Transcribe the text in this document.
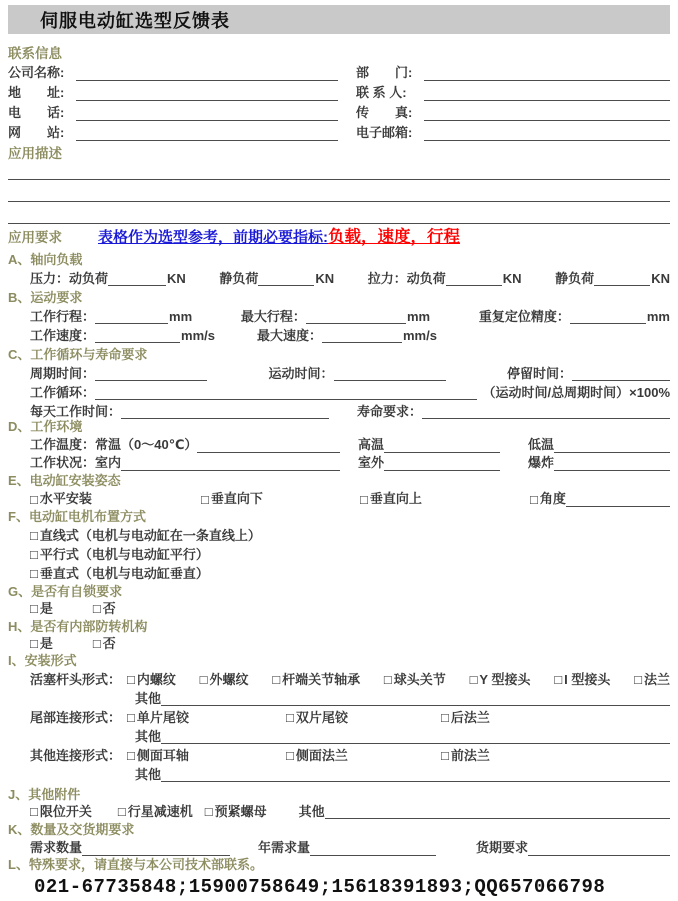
伺服电动缸选型反馈表
联系信息
公司名称:	部　　门:
地　　址:	联 系 人:
电　　话:	传　　真:
网　　站:	电子邮箱:
应用描述
应用要求 表格作为选型参考，前期必要指标: 负载，速度，行程
A、轴向负载
压力：动负荷	KN	静负荷	KN	拉力：动负荷	KN	静负荷	KN
B、运动要求
工作行程：	mm	最大行程：	mm	重复定位精度：	mm
工作速度：	mm/s	最大速度：	mm/s
C、工作循环与寿命要求
周期时间：	运动时间：	停留时间：
工作循环：	（运动时间/总周期时间）×100%
每天工作时间：	寿命要求：
D、工作环境
工作温度：常温（0～40℃）	高温	低温
工作状况：室内	室外	爆炸
E、电动缸安装姿态
□ 水平安装	□ 垂直向下	□ 垂直向上	□ 角度
F、电动缸电机布置方式
□ 直线式（电机与电动缸在一条直线上）
□ 平行式（电机与电动缸平行）
□ 垂直式（电机与电动缸垂直）
G、是否有自锁要求
□ 是	□ 否
H、是否有内部防转机构
□ 是	□ 否
I、安装形式
活塞杆头形式： □ 内螺纹 □ 外螺纹 □ 杆端关节轴承 □ 球头关节 □ Y 型接头 □ I 型接头 □ 法兰
其他
尾部连接形式： □ 单片尾铰	□ 双片尾铰	□ 后法兰
其他
其他连接形式： □ 侧面耳轴	□ 侧面法兰	□ 前法兰
其他
J、其他附件
□ 限位开关 □ 行星减速机 □ 预紧螺母 其他
K、数量及交货期要求
需求数量	年需求量	货期要求
L、特殊要求，请直接与本公司技术部联系。
021-67735848;15900758649;15618391893;QQ657066798
